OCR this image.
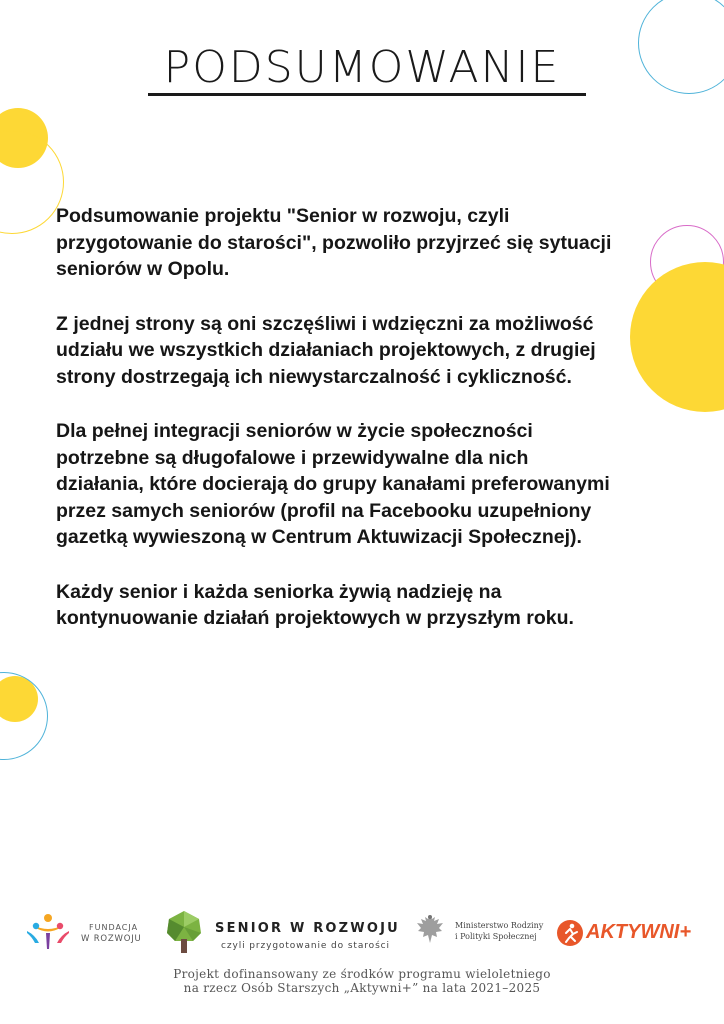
PODSUMOWANIE

Podsumowanie projektu "Senior w rozwoju, czyli przygotowanie do starości", pozwoliło przyjrzeć się sytuacji seniorów w Opolu.

Z jednej strony są oni szczęśliwi i wdzięczni za możliwość udziału we wszystkich działaniach projektowych, z drugiej strony dostrzegają ich niewystarczalność i cykliczność.

Dla pełnej integracji seniorów w życie społeczności potrzebne są długofalowe i przewidywalne dla nich działania, które docierają do grupy kanałami preferowanymi przez samych seniorów (profil na Facebooku uzupełniony gazetką wywieszoną w Centrum Aktuwizacji Społecznej).

Każdy senior i każda seniorka żywią nadzieję na kontynuowanie działań projektowych w przyszłym roku.

FUNDACJA
W ROZWOJU
SENIOR W ROZWOJU
czyli przygotowanie do starości
Ministerstwo Rodziny
i Polityki Społecznej AKTYWNI+
Projekt dofinansowany ze środków programu wieloletniego
na rzecz Osób Starszych „Aktywni+” na lata 2021–2025
